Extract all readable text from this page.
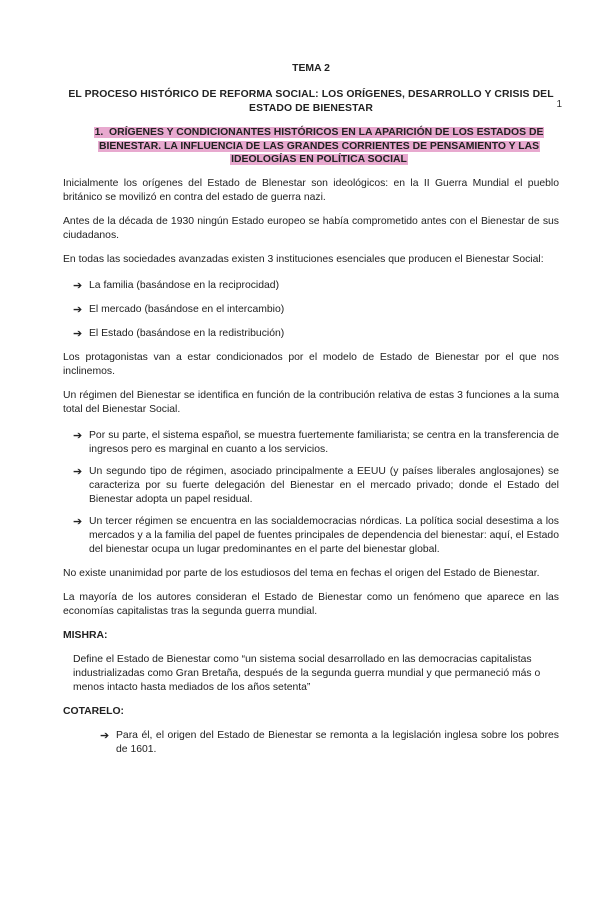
1
TEMA 2
EL PROCESO HISTÓRICO DE REFORMA SOCIAL: LOS ORÍGENES, DESARROLLO Y CRISIS DEL ESTADO DE BIENESTAR
1. ORÍGENES Y CONDICIONANTES HISTÓRICOS EN LA APARICIÓN DE LOS ESTADOS DE BIENESTAR. LA INFLUENCIA DE LAS GRANDES CORRIENTES DE PENSAMIENTO Y LAS IDEOLOGÍAS EN POLÍTICA SOCIAL

Inicialmente los orígenes del Estado de Blenestar son ideológicos: en la II Guerra Mundial el pueblo británico se movilizó en contra del estado de guerra nazi.

Antes de la década de 1930 ningún Estado europeo se había comprometido antes con el Bienestar de sus ciudadanos.

En todas las sociedades avanzadas existen 3 instituciones esenciales que producen el Bienestar Social:

➔ La familia (basándose en la reciprocidad)
➔ El mercado (basándose en el intercambio)
➔ El Estado (basándose en la redistribución)

Los protagonistas van a estar condicionados por el modelo de Estado de Bienestar por el que nos inclinemos.

Un régimen del Bienestar se identifica en función de la contribución relativa de estas 3 funciones a la suma total del Bienestar Social.

➔ Por su parte, el sistema español, se muestra fuertemente familiarista; se centra en la transferencia de ingresos pero es marginal en cuanto a los servicios.
➔ Un segundo tipo de régimen, asociado principalmente a EEUU (y países liberales anglosajones) se caracteriza por su fuerte delegación del Bienestar en el mercado privado; donde el Estado del Bienestar adopta un papel residual.
➔ Un tercer régimen se encuentra en las socialdemocracias nórdicas. La política social desestima a los mercados y a la familia del papel de fuentes principales de dependencia del bienestar: aquí, el Estado del bienestar ocupa un lugar predominantes en el parte del bienestar global.

No existe unanimidad por parte de los estudiosos del tema en fechas el origen del Estado de Bienestar.

La mayoría de los autores consideran el Estado de Bienestar como un fenómeno que aparece en las economías capitalistas tras la segunda guerra mundial.

MISHRA:

Define el Estado de Bienestar como “un sistema social desarrollado en las democracias capitalistas industrializadas como Gran Bretaña, después de la segunda guerra mundial y que permaneció más o menos intacto hasta mediados de los años setenta”

COTARELO:
➔ Para él, el origen del Estado de Bienestar se remonta a la legislación inglesa sobre los pobres de 1601.
